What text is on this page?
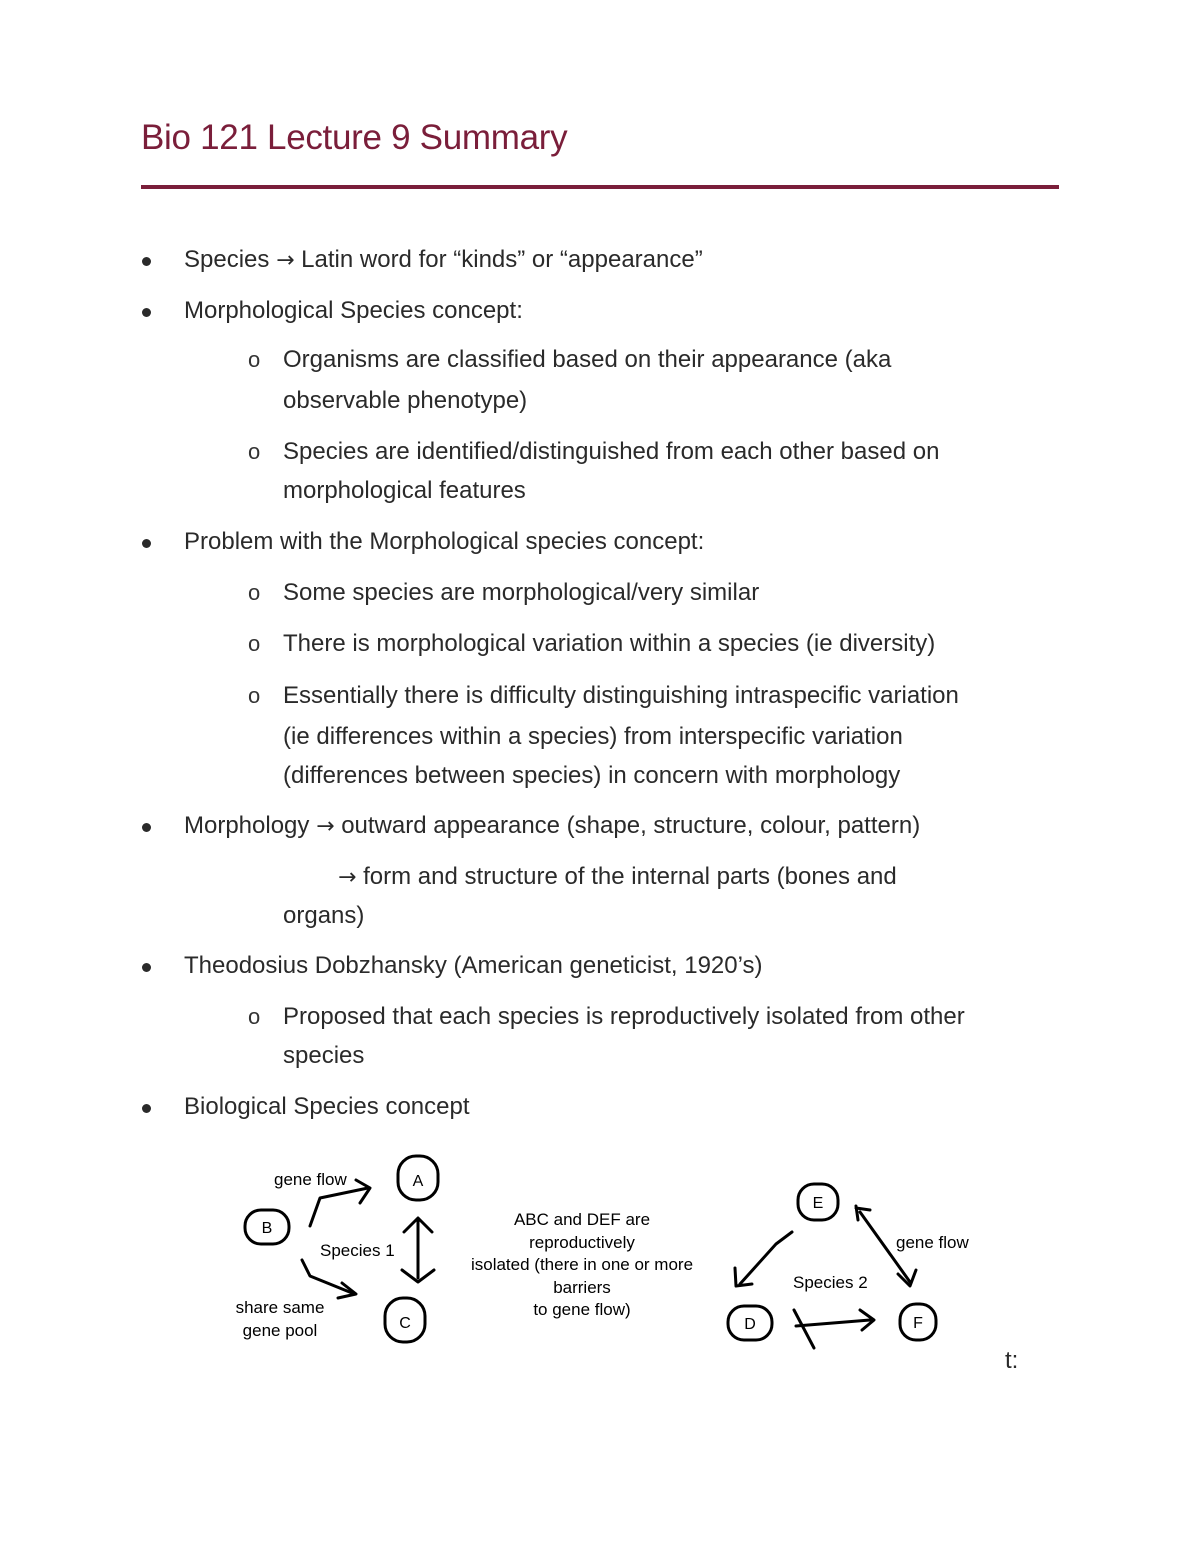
Bio 121 Lecture 9 Summary
Species → Latin word for “kinds” or “appearance”
Morphological Species concept:
o Organisms are classified based on their appearance (aka
observable phenotype)
o Species are identified/distinguished from each other based on
morphological features
Problem with the Morphological species concept:
o Some species are morphological/very similar
o There is morphological variation within a species (ie diversity)
o Essentially there is difficulty distinguishing intraspecific variation
(ie differences within a species) from interspecific variation
(differences between species) in concern with morphology
Morphology → outward appearance (shape, structure, colour, pattern)
→ form and structure of the internal parts (bones and
organs)
Theodosius Dobzhansky (American geneticist, 1920’s)
o Proposed that each species is reproductively isolated from other
species
Biological Species concept
A
B
C
gene flow
Species 1
share same
gene pool
ABC and DEF are
reproductively
isolated (there in one or more
barriers
to gene flow)
E
D	F
gene flow
Species 2
t:
